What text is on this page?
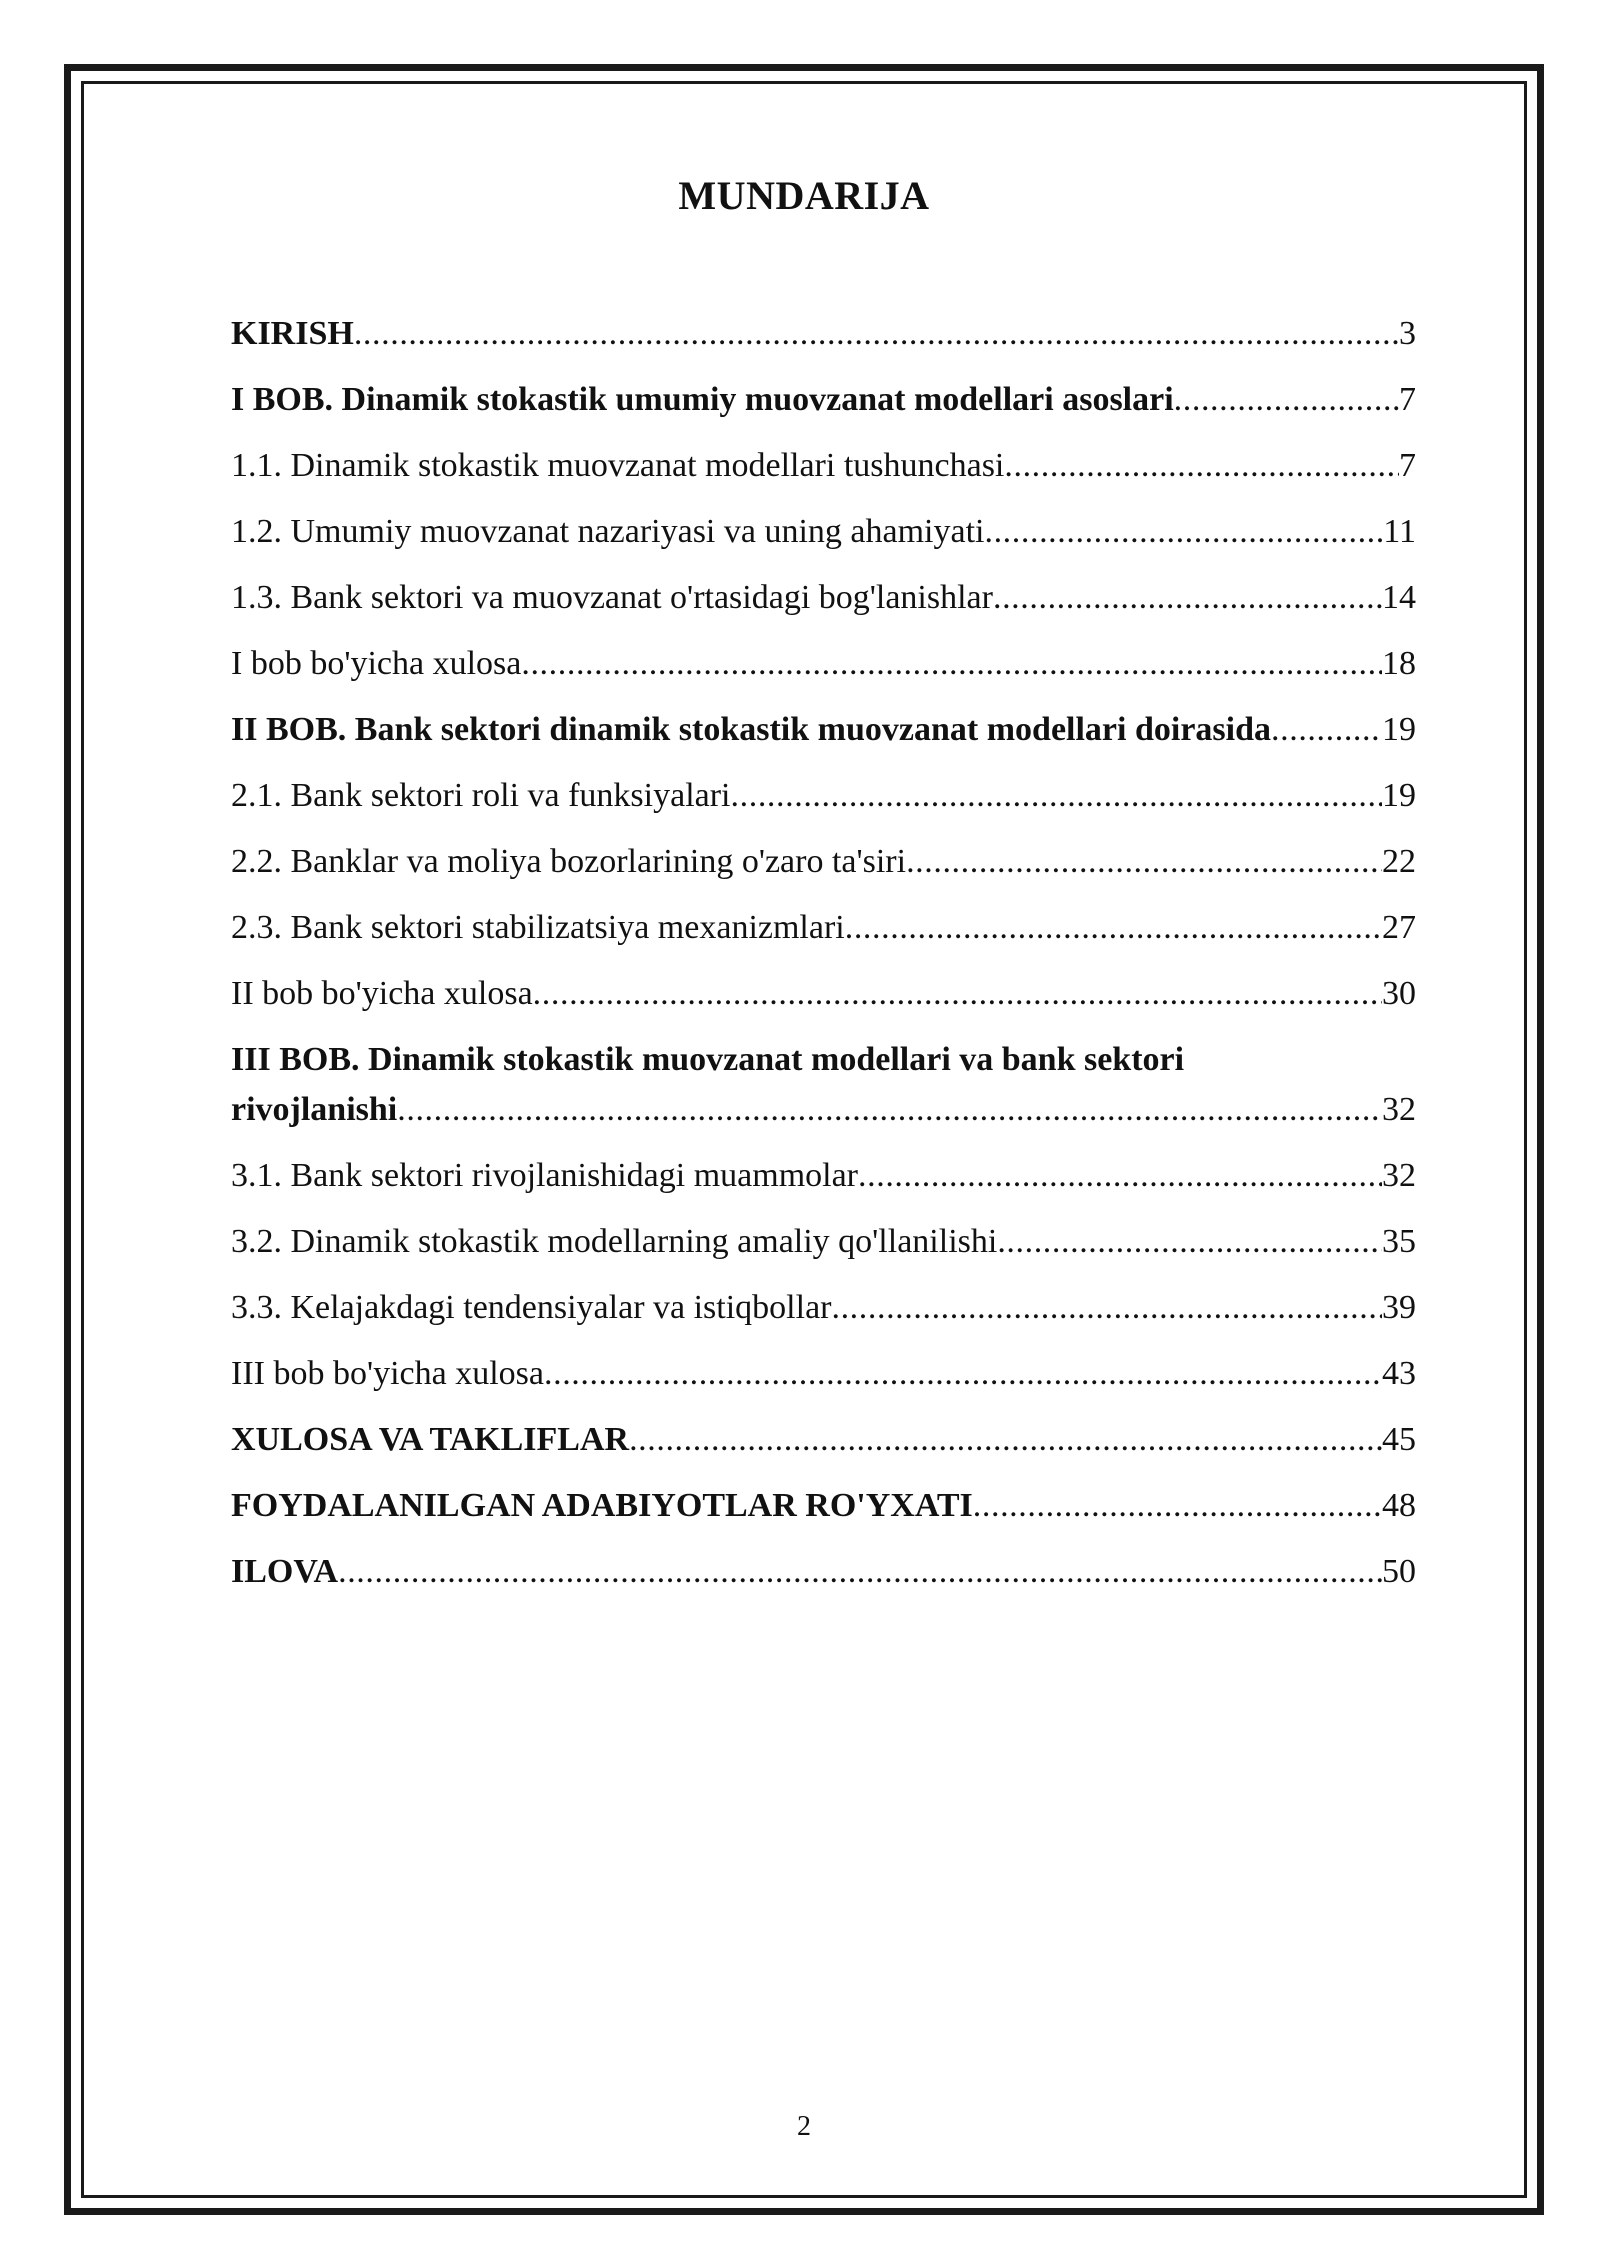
MUNDARIJA
KIRISH .....	3
I BOB. Dinamik stokastik umumiy muovzanat modellari asoslari .....	7
1.1. Dinamik stokastik muovzanat modellari tushunchasi .....	7
1.2. Umumiy muovzanat nazariyasi va uning ahamiyati .....	11
1.3. Bank sektori va muovzanat o'rtasidagi bog'lanishlar .....	14
I bob bo'yicha xulosa .....	18
II BOB. Bank sektori dinamik stokastik muovzanat modellari doirasida .....	19
2.1. Bank sektori roli va funksiyalari .....	19
2.2. Banklar va moliya bozorlarining o'zaro ta'siri .....	22
2.3. Bank sektori stabilizatsiya mexanizmlari .....	27
II bob bo'yicha xulosa .....	30
III BOB. Dinamik stokastik muovzanat modellari va bank sektori
rivojlanishi .....	32
3.1. Bank sektori rivojlanishidagi muammolar .....	32
3.2. Dinamik stokastik modellarning amaliy qo'llanilishi .....	35
3.3. Kelajakdagi tendensiyalar va istiqbollar .....	39
III bob bo'yicha xulosa .....	43
XULOSA VA TAKLIFLAR .....	45
FOYDALANILGAN ADABIYOTLAR RO'YXATI .....	48
ILOVA .....	50
2
